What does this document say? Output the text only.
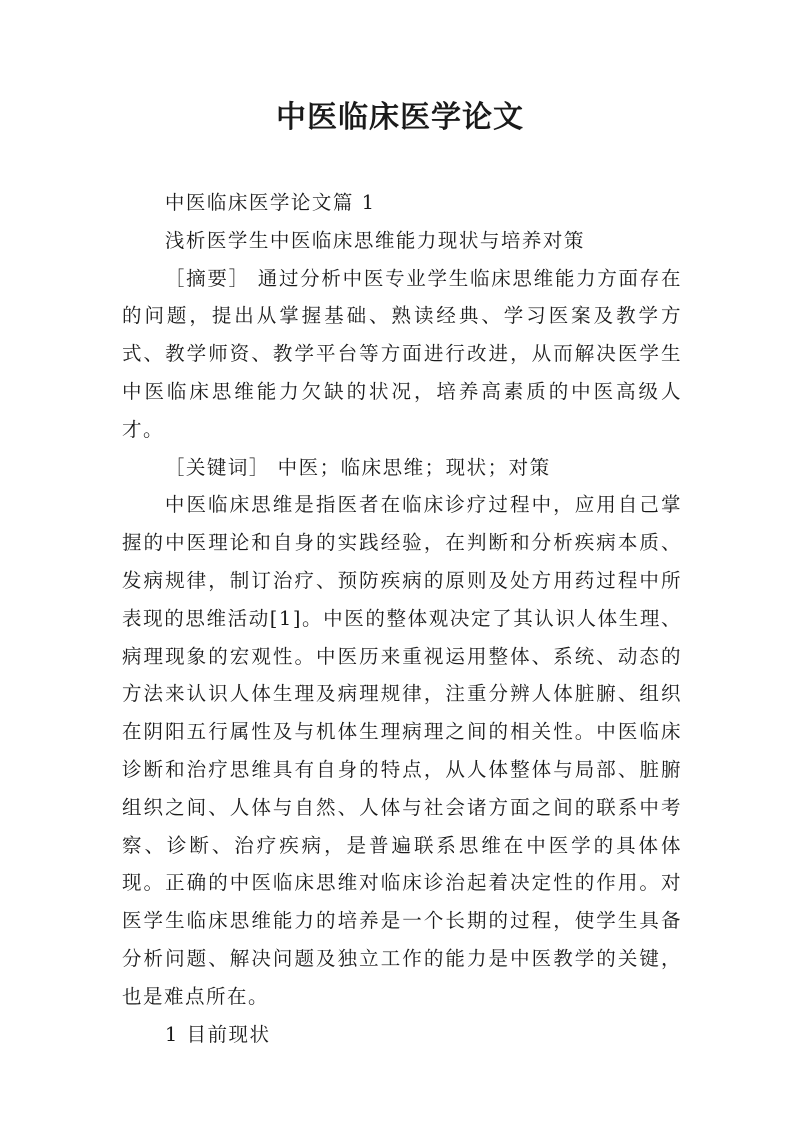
中医临床医学论文

中医临床医学论文篇 1

浅析医学生中医临床思维能力现状与培养对策

［摘要］ 通过分析中医专业学生临床思维能力方面存在的问题，提出从掌握基础、熟读经典、学习医案及教学方式、教学师资、教学平台等方面进行改进，从而解决医学生中医临床思维能力欠缺的状况，培养高素质的中医高级人才。

［关键词］ 中医；临床思维；现状；对策

中医临床思维是指医者在临床诊疗过程中，应用自己掌握的中医理论和自身的实践经验，在判断和分析疾病本质、发病规律，制订治疗、预防疾病的原则及处方用药过程中所表现的思维活动[1]。中医的整体观决定了其认识人体生理、病理现象的宏观性。中医历来重视运用整体、系统、动态的方法来认识人体生理及病理规律，注重分辨人体脏腑、组织在阴阳五行属性及与机体生理病理之间的相关性。中医临床诊断和治疗思维具有自身的特点，从人体整体与局部、脏腑组织之间、人体与自然、人体与社会诸方面之间的联系中考察、诊断、治疗疾病，是普遍联系思维在中医学的具体体现。正确的中医临床思维对临床诊治起着决定性的作用。对医学生临床思维能力的培养是一个长期的过程，使学生具备分析问题、解决问题及独立工作的能力是中医教学的关键，也是难点所在。

1 目前现状
